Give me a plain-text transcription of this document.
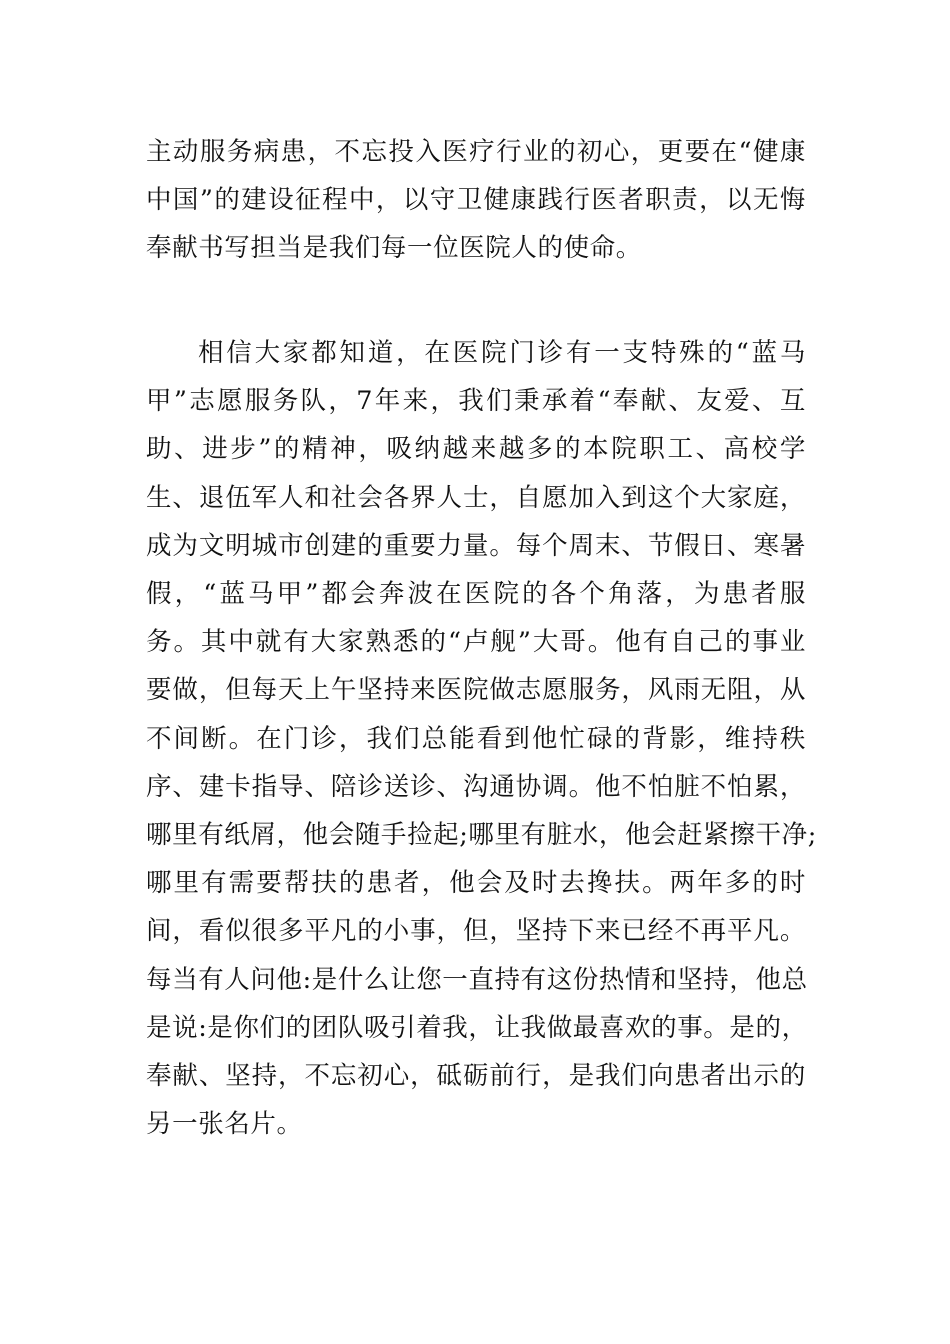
主动服务病患，不忘投入医疗行业的初心，更要在“健康
中国”的建设征程中，以守卫健康践行医者职责，以无悔
奉献书写担当是我们每一位医院人的使命。
相信大家都知道，在医院门诊有一支特殊的“蓝马
甲”志愿服务队，7年来，我们秉承着“奉献、友爱、互
助、进步”的精神，吸纳越来越多的本院职工、高校学
生、退伍军人和社会各界人士，自愿加入到这个大家庭，
成为文明城市创建的重要力量。每个周末、节假日、寒暑
假，“蓝马甲”都会奔波在医院的各个角落，为患者服
务。其中就有大家熟悉的“卢舰”大哥。他有自己的事业
要做，但每天上午坚持来医院做志愿服务，风雨无阻，从
不间断。在门诊，我们总能看到他忙碌的背影，维持秩
序、建卡指导、陪诊送诊、沟通协调。他不怕脏不怕累，
哪里有纸屑，他会随手捡起;哪里有脏水，他会赶紧擦干净;
哪里有需要帮扶的患者，他会及时去搀扶。两年多的时
间，看似很多平凡的小事，但，坚持下来已经不再平凡。
每当有人问他:是什么让您一直持有这份热情和坚持，他总
是说:是你们的团队吸引着我，让我做最喜欢的事。是的，
奉献、坚持，不忘初心，砥砺前行，是我们向患者出示的
另一张名片。
